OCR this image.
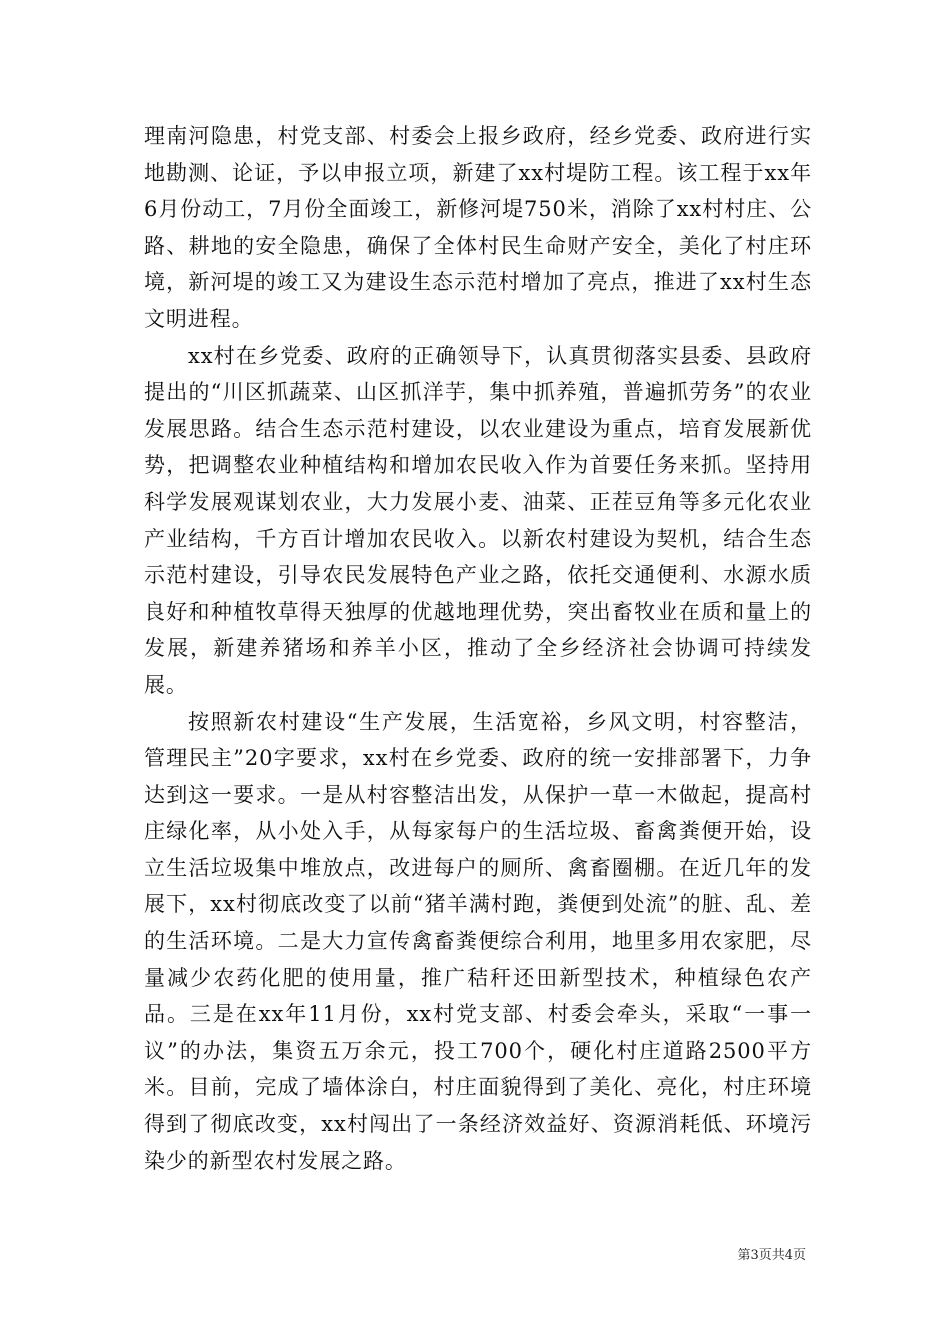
理南河隐患，村党支部、村委会上报乡政府，经乡党委、政府进行实地勘测、论证，予以申报立项，新建了xx村堤防工程。该工程于xx年6月份动工，7月份全面竣工，新修河堤750米，消除了xx村村庄、公路、耕地的安全隐患，确保了全体村民生命财产安全，美化了村庄环境，新河堤的竣工又为建设生态示范村增加了亮点，推进了xx村生态文明进程。

xx村在乡党委、政府的正确领导下，认真贯彻落实县委、县政府提出的“川区抓蔬菜、山区抓洋芋，集中抓养殖，普遍抓劳务”的农业发展思路。结合生态示范村建设，以农业建设为重点，培育发展新优势，把调整农业种植结构和增加农民收入作为首要任务来抓。坚持用科学发展观谋划农业，大力发展小麦、油菜、正茬豆角等多元化农业产业结构，千方百计增加农民收入。以新农村建设为契机，结合生态示范村建设，引导农民发展特色产业之路，依托交通便利、水源水质良好和种植牧草得天独厚的优越地理优势，突出畜牧业在质和量上的发展，新建养猪场和养羊小区，推动了全乡经济社会协调可持续发展。

按照新农村建设“生产发展，生活宽裕，乡风文明，村容整洁，管理民主”20字要求，xx村在乡党委、政府的统一安排部署下，力争达到这一要求。一是从村容整洁出发，从保护一草一木做起，提高村庄绿化率，从小处入手，从每家每户的生活垃圾、畜禽粪便开始，设立生活垃圾集中堆放点，改进每户的厕所、禽畜圈棚。在近几年的发展下，xx村彻底改变了以前“猪羊满村跑，粪便到处流”的脏、乱、差的生活环境。二是大力宣传禽畜粪便综合利用，地里多用农家肥，尽量减少农药化肥的使用量，推广秸秆还田新型技术，种植绿色农产品。三是在xx年11月份，xx村党支部、村委会牵头，采取“一事一议”的办法，集资五万余元，投工700个，硬化村庄道路2500平方米。目前，完成了墙体涂白，村庄面貌得到了美化、亮化，村庄环境得到了彻底改变，xx村闯出了一条经济效益好、资源消耗低、环境污染少的新型农村发展之路。

第3页共4页
